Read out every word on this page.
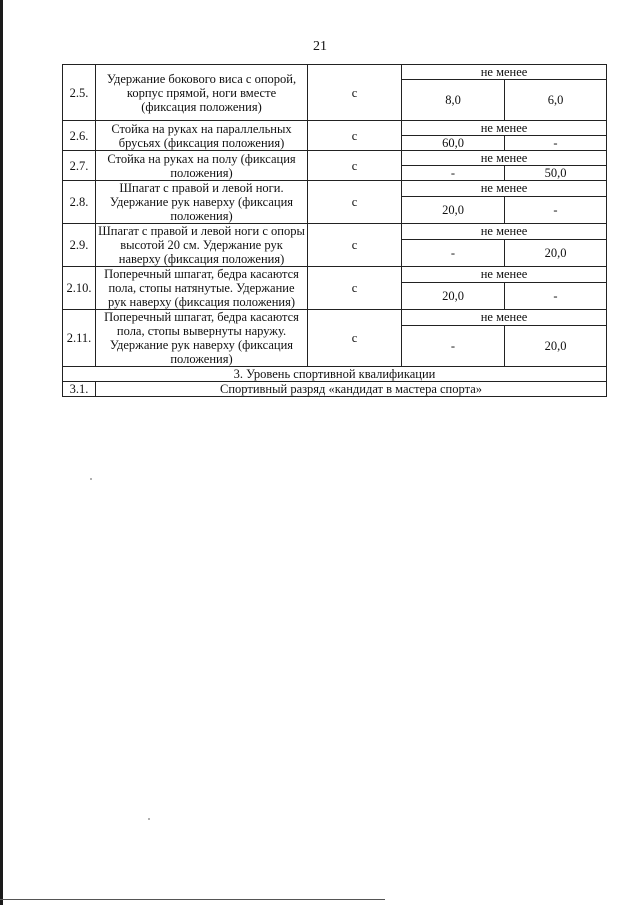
21
2.5.	Удержание бокового виса с опорой, корпус прямой, ноги вместе (фиксация положения)	с	не менее	
			8,0	6,0
2.6.	Стойка на руках на параллельных брусьях (фиксация положения)	с	не менее	
			60,0	-
2.7.	Стойка на руках на полу (фиксация положения)	с	не менее	
			-	50,0
2.8.	Шпагат с правой и левой ноги. Удержание рук наверху (фиксация положения)	с	не менее	
			20,0	-
2.9.	Шпагат с правой и левой ноги с опоры высотой 20 см. Удержание рук наверху (фиксация положения)	с	не менее	
			-	20,0
2.10.	Поперечный шпагат, бедра касаются пола, стопы натянутые. Удержание рук наверху (фиксация положения)	с	не менее	
			20,0	-
2.11.	Поперечный шпагат, бедра касаются пола, стопы вывернуты наружу. Удержание рук наверху (фиксация положения)	с	не менее	
			-	20,0
3. Уровень спортивной квалификации				
3.1.	Спортивный разряд «кандидат в мастера спорта»			
